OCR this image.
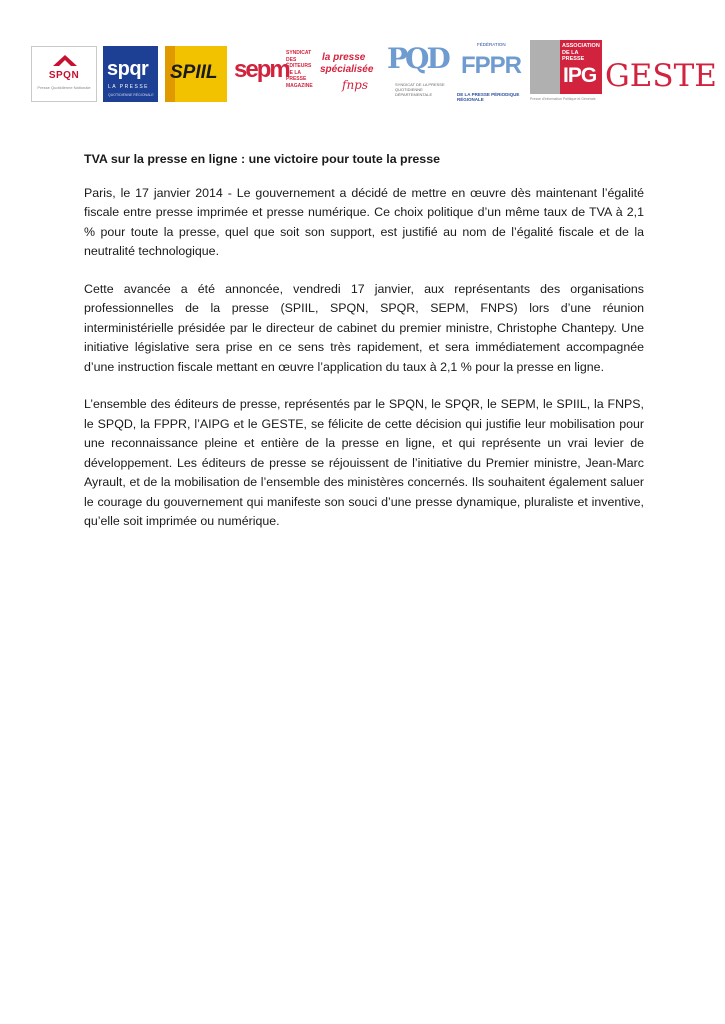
SPQN
Presse Quotidienne Nationale
spqr
LA PRESSE
QUOTIDIENNE RÉGIONALE
SPIIL sepm
SYNDICAT DES ÉDITEURS DE LA PRESSE MAGAZINE
la presse
spécialisée
fnps
PQD
SYNDICAT DE LA PRESSE QUOTIDIENNE DÉPARTEMENTALE
FÉDÉRATION
FPPR
DE LA PRESSE PÉRIODIQUE RÉGIONALE
ASSOCIATION DE LA PRESSE
IPG
Presse d'Information Politique et Générale
GESTE

TVA sur la presse en ligne : une victoire pour toute la presse

Paris, le 17 janvier 2014 - Le gouvernement a décidé de mettre en œuvre dès maintenant l’égalité fiscale entre presse imprimée et presse numérique. Ce choix politique d’un même taux de TVA à 2,1 % pour toute la presse, quel que soit son support, est justifié au nom de l’égalité fiscale et de la neutralité technologique.

Cette avancée a été annoncée, vendredi 17 janvier, aux représentants des organisations professionnelles de la presse (SPIIL, SPQN, SPQR, SEPM, FNPS) lors d’une réunion interministérielle présidée par le directeur de cabinet du premier ministre, Christophe Chantepy. Une initiative législative sera prise en ce sens très rapidement, et sera immédiatement accompagnée d’une instruction fiscale mettant en œuvre l’application du taux à 2,1 % pour la presse en ligne.

L’ensemble des éditeurs de presse, représentés par le SPQN, le SPQR, le SEPM, le SPIIL, la FNPS, le SPQD, la FPPR, l’AIPG et le GESTE, se félicite de cette décision qui justifie leur mobilisation pour une reconnaissance pleine et entière de la presse en ligne, et qui représente un vrai levier de développement. Les éditeurs de presse se réjouissent de l’initiative du Premier ministre, Jean-Marc Ayrault, et de la mobilisation de l’ensemble des ministères concernés. Ils souhaitent également saluer le courage du gouvernement qui manifeste son souci d’une presse dynamique, pluraliste et inventive, qu’elle soit imprimée ou numérique.
